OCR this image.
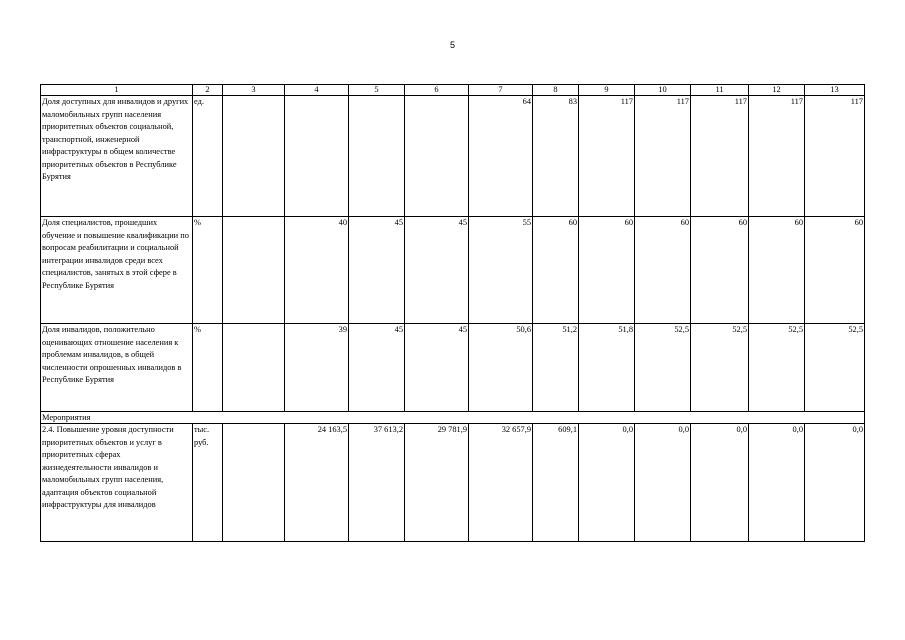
5
1	2	3	4	5	6	7	8	9	10	11	12	13
Доля доступных для инвалидов и других маломобильных групп населения приоритетных объектов социальной, транспортной, инженерной инфраструктуры в общем количестве приоритетных объектов в Республике Бурятия	ед.					64	83	117	117	117	117	117
Доля специалистов, прошедших обучение и повышение квалификации по вопросам реабилитации и социальной интеграции инвалидов среди всех специалистов, занятых в этой сфере в Республике Бурятия	%		40	45	45	55	60	60	60	60	60	60
Доля инвалидов, положительно оценивающих отношение населения к проблемам инвалидов, в общей численности опрошенных инвалидов в Республике Бурятия	%		39	45	45	50,6	51,2	51,8	52,5	52,5	52,5	52,5
Мероприятия												
2.4. Повышение уровня доступности приоритетных объектов и услуг в приоритетных сферах жизнедеятельности инвалидов и маломобильных групп населения, адаптация объектов социальной инфраструктуры для инвалидов	тыс. руб.		24 163,5	37 613,2	29 781,9	32 657,9	609,1	0,0	0,0	0,0	0,0	0,0
